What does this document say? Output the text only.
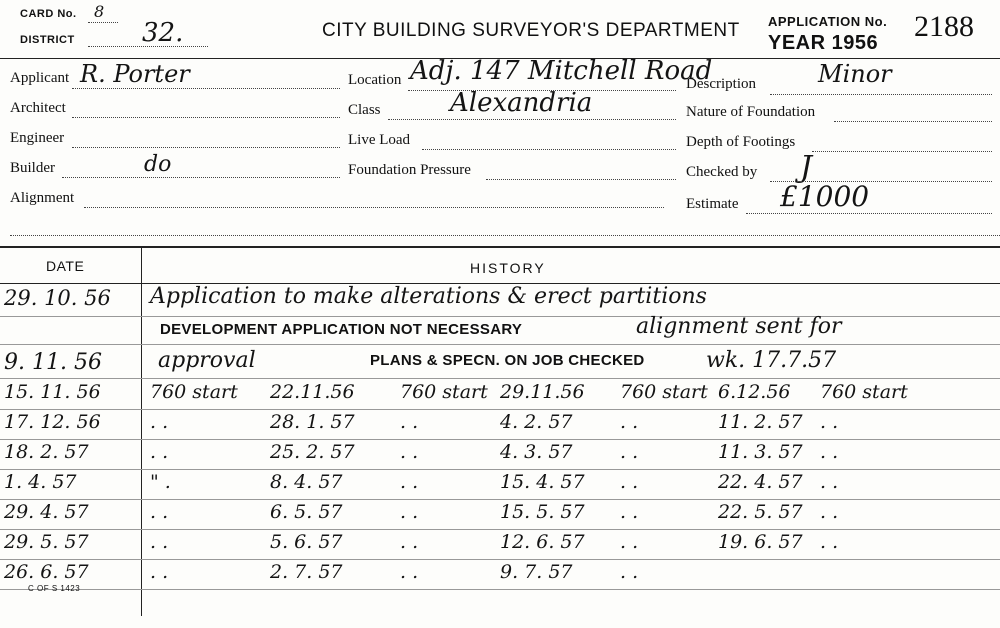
CARD No. 8
DISTRICT	32.	CITY BUILDING SURVEYOR'S DEPARTMENT APPLICATION No. 2188
YEAR 1956
Applicant R. Porter
Architect
Engineer
Builder	do
Alignment
Location Adj. 147 Mitchell Road
Class	Alexandria
Live Load
Foundation Pressure
Description	Minor
Nature of Foundation
Depth of Footings
Checked by J
Estimate £1000
DATE	HISTORY
29. 10. 56 Application to make alterations & erect partitions
DEVELOPMENT APPLICATION NOT NECESSARY	alignment sent for
9. 11. 56	approval	PLANS & SPECN. ON JOB CHECKED	wk. 17.7.57
15. 11. 56	760 start 22.11.56 760 start 29.11.56 760 start 6.12.56 760 start
17. 12. 56	. .	28. 1. 57 . .	4. 2. 57 . .	11. 2. 57 . .
18. 2. 57	. .	25. 2. 57 . .	4. 3. 57 . .	11. 3. 57 . .
1. 4. 57	" .	8. 4. 57	. .	15. 4. 57 . .	22. 4. 57 . .
29. 4. 57	. .	6. 5. 57	. .	15. 5. 57 . .	22. 5. 57 . .
29. 5. 57	. .	5. 6. 57	. .	12. 6. 57 . .	19. 6. 57 . .
26. 6. 57	. .	2. 7. 57	. .	9. 7. 57 . .
C OF S 1423
